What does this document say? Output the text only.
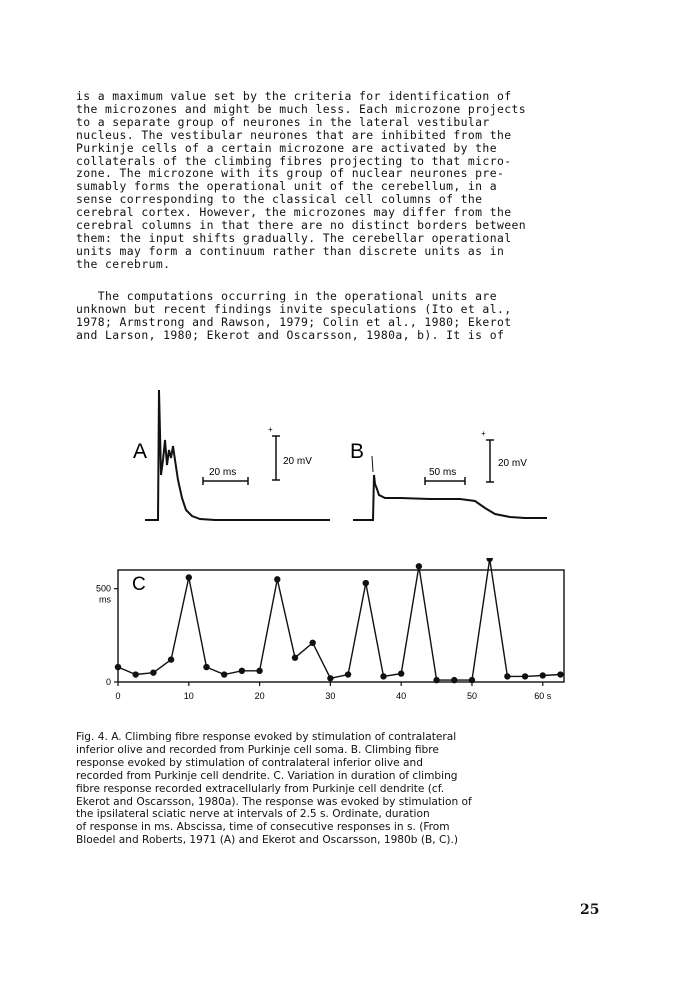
is a maximum value set by the criteria for identification of
the microzones and might be much less. Each microzone projects
to a separate group of neurones in the lateral vestibular
nucleus. The vestibular neurones that are inhibited from the
Purkinje cells of a certain microzone are activated by the
collaterals of the climbing fibres projecting to that micro-
zone. The microzone with its group of nuclear neurones pre-
sumably forms the operational unit of the cerebellum, in a
sense corresponding to the classical cell columns of the
cerebral cortex. However, the microzones may differ from the
cerebral columns in that there are no distinct borders between
them: the input shifts gradually. The cerebellar operational
units may form a continuum rather than discrete units as in
the cerebrum.
The computations occurring in the operational units are
unknown but recent findings invite speculations (Ito et al.,
1978; Armstrong and Rawson, 1979; Colin et al., 1980; Ekerot
and Larson, 1980; Ekerot and Oscarsson, 1980a, b). It is of
20 ms
+
20 mV
A
50 ms
+
20 mV
B
0	10	20	30	40	50	60 s
0
500
ms
C
Fig. 4. A. Climbing fibre response evoked by stimulation of contralateral
inferior olive and recorded from Purkinje cell soma. B. Climbing fibre
response evoked by stimulation of contralateral inferior olive and
recorded from Purkinje cell dendrite. C. Variation in duration of climbing
fibre response recorded extracellularly from Purkinje cell dendrite (cf.
Ekerot and Oscarsson, 1980a). The response was evoked by stimulation of
the ipsilateral sciatic nerve at intervals of 2.5 s. Ordinate, duration
of response in ms. Abscissa, time of consecutive responses in s. (From
Bloedel and Roberts, 1971 (A) and Ekerot and Oscarsson, 1980b (B, C).)
25
